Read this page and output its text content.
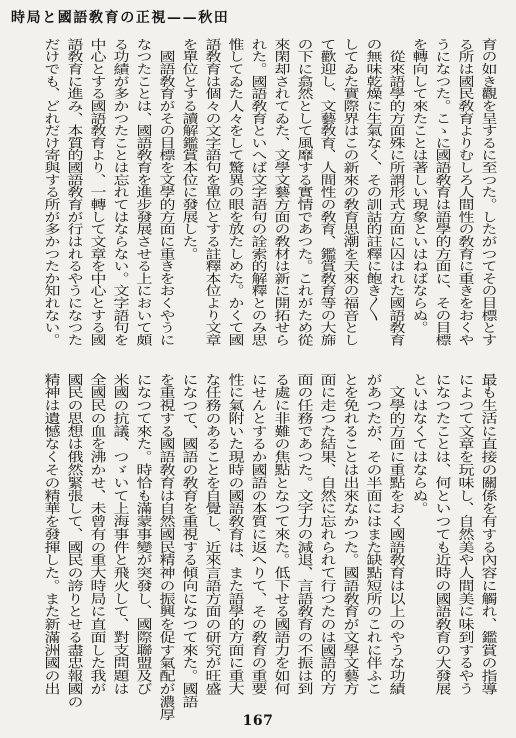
時局と國語敎育の正視——秋田
育の如き觀を呈するに至つた。したがつてその目標とす
る所は國民敎育よりむしろ人間性の敎育に重きをおくや
うになつた。こゝに國語敎育は語學的方面に、その目標
を轉向して來たことは著しい現象といはねばならぬ。
　從來語學的方面殊に所謂形式方面に囚はれた國語敎育
の無味乾燥に生氣なく、その訓詁的註釋に飽き〳〵
してゐた實際界はこの新來の敎育思潮を天來の福音とし
て歡迎し、文藝敎育、人間性の敎育、鑑賞敎育等の大旆
の下に翕然として風靡する實情であつた。これがため從
來閑却されてゐた、文學文藝方面の敎材は新に開拓せら
れた。國語敎育といへば文字語句の詮索的解釋とのみ思
惟してゐた人々をして驚異の眼を放たしめた。かくて國
語敎育は個々の文字語句を單位とする註釋本位より文章
を單位とする讀解鑑賞本位に發展した。
　國語敎育がその目標を文學的方面に重きをおくやうに
なつたことは、國語敎育を進步發展させる上において頗
る功績が多かつたことは忘れてはならない。文字語句を
中心とする國語敎育より、一轉して文章を中心とする國
語敎育に進み、本質的國語敎育が行はれるやうになつた
だけでも、どれだけ寄與する所が多かつたか知れない。
最も生活に直接の關係を有する內容に觸れ、鑑賞の指導
によつて文章を玩味し、自然美や人間美に味到するやう
になつたことは、何といつても近時の國語敎育の大發展
といはなくてはならぬ。
　文學的方面に重點をおく國語敎育は以上のやうな功績
があつたが、その半面にはまた缺點短所のこれに伴ふこ
とを免れることは出來なかつた。國語敎育が文學文藝方
面に走つた結果、自然に忘れられて行つたのは國語的方
面の任務であつた。文字力の減退、言語敎育の不振は到
る處に非難の焦點となつて來た。低下せる國語力を如何
にせんとするか國語の本質に返へりて、その敎育の重要
性に氣附いた現時の國語敎育は、また語學的方面に重大
な任務のあることを自覺し、近來言語方面の研究が旺盛
になつて、國語の敎育を重視する傾向になつて來た。國語
を重視する國語敎育は自然國民精神の振興を促す氣配が濃厚
になつて來た。時恰も滿蒙事變が突發し、國際聯盟及び
米國の抗議、つゞいて上海事件と飛火して、對支問題は
全國民の血を沸かせ、未曾有の重大時局に直面した我が
國民の思想は俄然緊張して、國民の誇りとせる盡忠報國の
精神は遺憾なくその精華を發揮した。また新滿洲國の出
167
